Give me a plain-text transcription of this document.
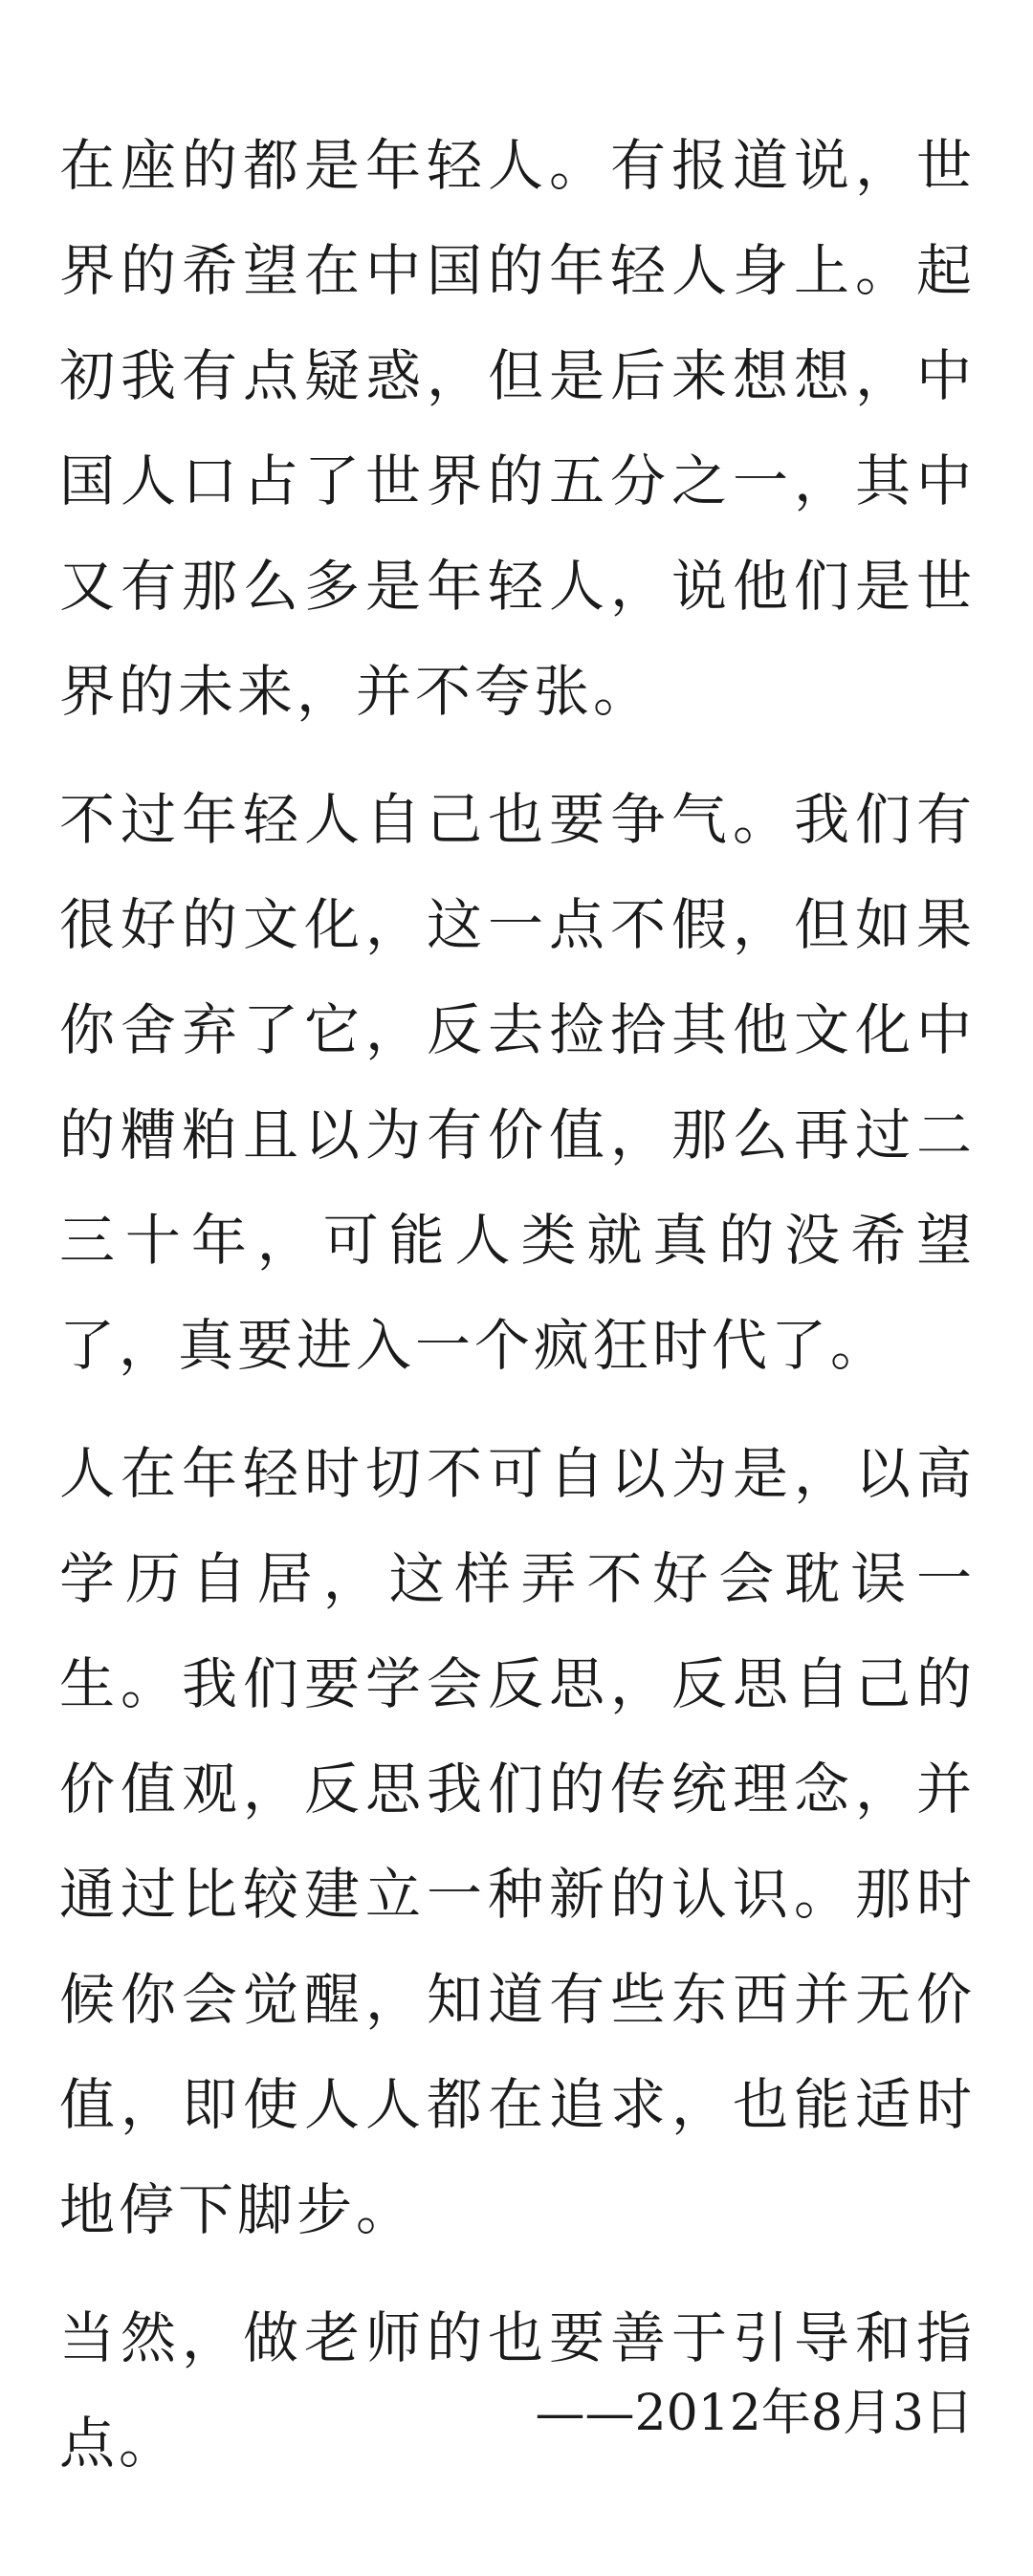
在座的都是年轻人。有报道说，世界的希望在中国的年轻人身上。起初我有点疑惑，但是后来想想，中国人口占了世界的五分之一，其中又有那么多是年轻人，说他们是世界的未来，并不夸张。

不过年轻人自己也要争气。我们有很好的文化，这一点不假，但如果你舍弃了它，反去捡拾其他文化中的糟粕且以为有价值，那么再过二三十年，可能人类就真的没希望了，真要进入一个疯狂时代了。

人在年轻时切不可自以为是，以高学历自居，这样弄不好会耽误一生。我们要学会反思，反思自己的价值观，反思我们的传统理念，并通过比较建立一种新的认识。那时候你会觉醒，知道有些东西并无价值，即使人人都在追求，也能适时地停下脚步。

当然，做老师的也要善于引导和指点。	——2012年8月3日
